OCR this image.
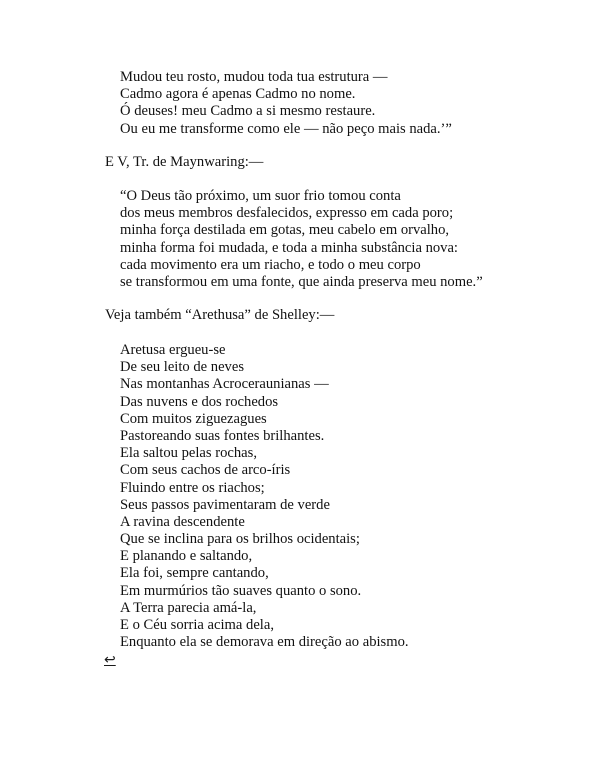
Mudou teu rosto, mudou toda tua estrutura —
Cadmo agora é apenas Cadmo no nome.
Ó deuses! meu Cadmo a si mesmo restaure.
Ou eu me transforme como ele — não peço mais nada.’”

E V, Tr. de Maynwaring:—

“O Deus tão próximo, um suor frio tomou conta
dos meus membros desfalecidos, expresso em cada poro;
minha força destilada em gotas, meu cabelo em orvalho,
minha forma foi mudada, e toda a minha substância nova:
cada movimento era um riacho, e todo o meu corpo
se transformou em uma fonte, que ainda preserva meu nome.”

Veja também “Arethusa” de Shelley:—

Aretusa ergueu-se
De seu leito de neves
Nas montanhas Acroceraunianas —
Das nuvens e dos rochedos
Com muitos ziguezagues
Pastoreando suas fontes brilhantes.
Ela saltou pelas rochas,
Com seus cachos de arco-íris
Fluindo entre os riachos;
Seus passos pavimentaram de verde
A ravina descendente
Que se inclina para os brilhos ocidentais;
E planando e saltando,
Ela foi, sempre cantando,
Em murmúrios tão suaves quanto o sono.
A Terra parecia amá-la,
E o Céu sorria acima dela,
Enquanto ela se demorava em direção ao abismo.
↩
